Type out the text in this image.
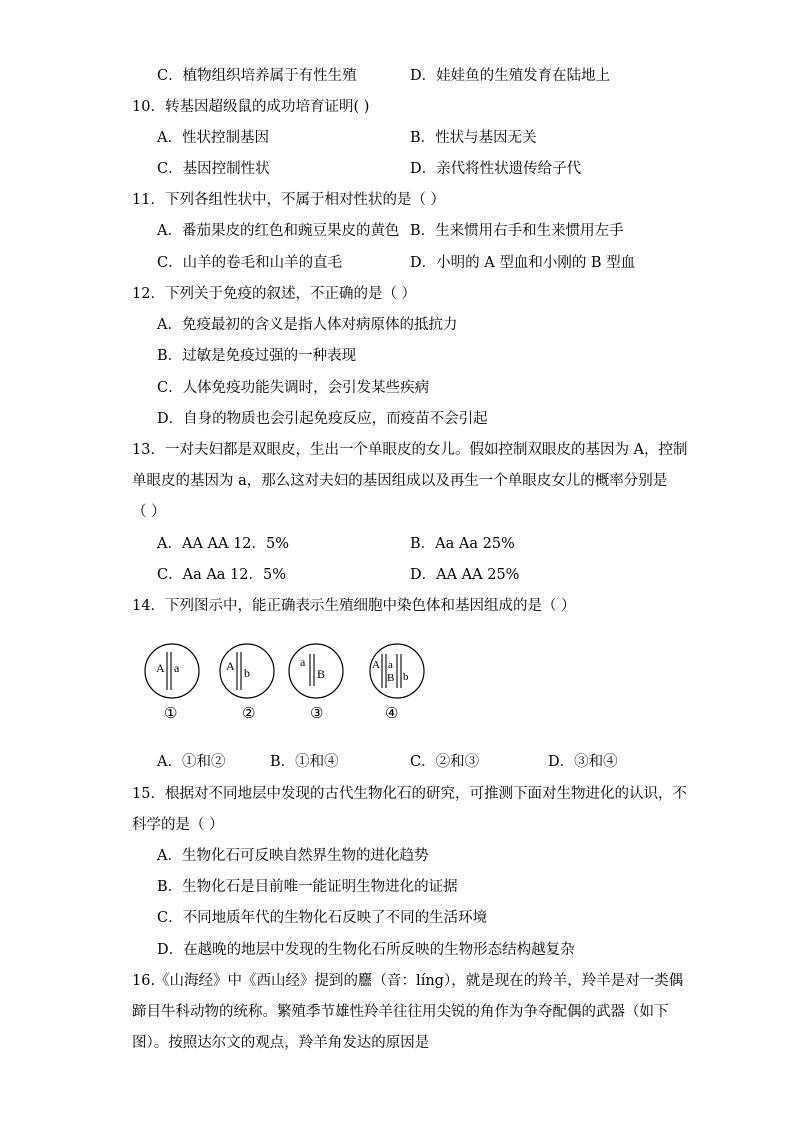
C．植物组织培养属于有性生殖	D．娃娃鱼的生殖发育在陆地上
10．转基因超级鼠的成功培育证明( )
A．性状控制基因	B．性状与基因无关
C．基因控制性状	D．亲代将性状遗传给子代
11．下列各组性状中，不属于相对性状的是（ ）
A．番茄果皮的红色和豌豆果皮的黄色 B．生来惯用右手和生来惯用左手
C．山羊的卷毛和山羊的直毛	D．小明的 A 型血和小刚的 B 型血
12．下列关于免疫的叙述，不正确的是（ ）
A．免疫最初的含义是指人体对病原体的抵抗力
B．过敏是免疫过强的一种表现
C．人体免疫功能失调时，会引发某些疾病
D．自身的物质也会引起免疫反应，而疫苗不会引起
13．一对夫妇都是双眼皮，生出一个单眼皮的女儿。假如控制双眼皮的基因为 A，控制
单眼皮的基因为 a，那么这对夫妇的基因组成以及再生一个单眼皮女儿的概率分别是
（ ）
A．AA AA 12．5%	B．Aa Aa 25%
C．Aa Aa 12．5%	D．AA AA 25%
14．下列图示中，能正确表示生殖细胞中染色体和基因组成的是（ ）
A a
①
A b
②
a
B
③
A a
B b
④
A．①和②	B．①和④	C．②和③	D．③和④
15．根据对不同地层中发现的古代生物化石的研究，可推测下面对生物进化的认识，不
科学的是（ ）
A．生物化石可反映自然界生物的进化趋势
B．生物化石是目前唯一能证明生物进化的证据
C．不同地质年代的生物化石反映了不同的生活环境
D．在越晚的地层中发现的生物化石所反映的生物形态结构越复杂
16.《山海经》中《西山经》提到的麢（音：líng），就是现在的羚羊，羚羊是对一类偶
蹄目牛科动物的统称。繁殖季节雄性羚羊往往用尖锐的角作为争夺配偶的武器（如下
图）。按照达尔文的观点，羚羊角发达的原因是
